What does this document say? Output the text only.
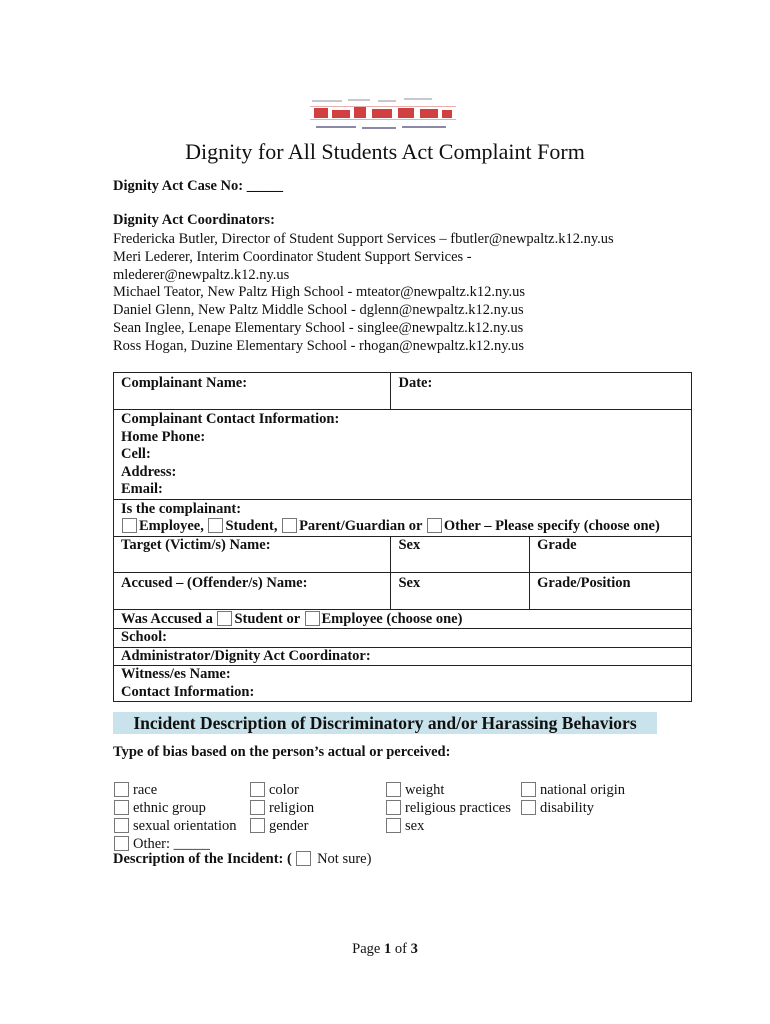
Dignity for All Students Act Complaint Form
Dignity Act Case No: _____
Dignity Act Coordinators:
Fredericka Butler, Director of Student Support Services – fbutler@newpaltz.k12.ny.us
Meri Lederer, Interim Coordinator Student Support Services -
mlederer@newpaltz.k12.ny.us
Michael Teator, New Paltz High School - mteator@newpaltz.k12.ny.us
Daniel Glenn, New Paltz Middle School - dglenn@newpaltz.k12.ny.us
Sean Inglee, Lenape Elementary School - singlee@newpaltz.k12.ny.us
Ross Hogan, Duzine Elementary School - rhogan@newpaltz.k12.ny.us
Complainant Name:	Date:	

Complainant Contact Information:
Home Phone:
Cell:
Address:
Email:		

Is the complainant:
Employee, Student, Parent/Guardian or Other – Please specify (choose one)		

Target (Victim/s) Name:	Sex	Grade
Accused – (Offender/s) Name:	Sex	Grade/Position
Was Accused a Student or Employee (choose one)		
School:		
Administrator/Dignity Act Coordinator:		

Witness/es Name:
Contact Information:		
Incident Description of Discriminatory and/or Harassing Behaviors
Type of bias based on the person’s actual or perceived:
race	color	weight	national origin
ethnic group	religion	religious practices	disability
sexual orientation	gender	sex
Other: _____
Description of the Incident: ( Not sure)
Page 1 of 3
